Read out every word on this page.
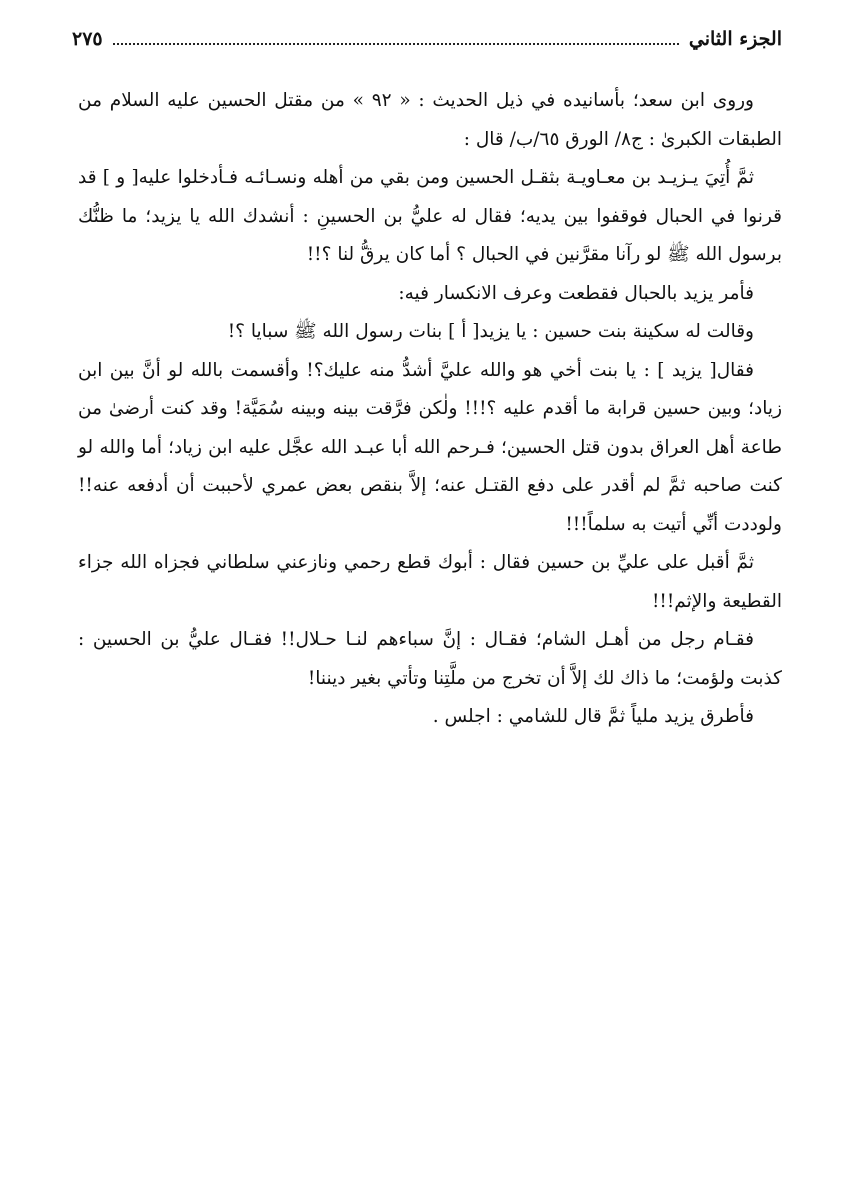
الجزء الثاني
٢٧٥

وروى ابن سعد؛ بأسانيده في ذيل الحديث : « ٩٢ » من مقتل الحسين عليه السلام من الطبقات الكبرىٰ : ج٨/ الورق ٦٥/ب/ قال :

ثمَّ أُتِيَ يـزيـد بن معـاويـة بثقـل الحسين ومن بقي من أهله ونسـائـه فـأدخلوا عليه[ و ] قد قرنوا في الحبال فوقفوا بين يديه؛ فقال له عليُّ بن الحسينِ : أنشدك الله يا يزيد؛ ما ظنُّك برسول الله ﷺ لو رآنا مقرَّنين في الحبال ؟ أما كان يرقُّ لنا ؟!!

فأمر يزيد بالحبال فقطعت وعرف الانكسار فيه:

وقالت له سكينة بنت حسين : يا يزيد[ أ ] بنات رسول الله ﷺ سبايا ؟!

فقال[ يزيد ] : يا بنت أخي هو والله عليَّ أشدُّ منه عليك؟! وأقسمت بالله لو أنَّ بين ابن زياد؛ وبين حسين قرابة ما أقدم عليه ؟!!! ولٰكن فرَّقت بينه وبينه سُمَيَّة! وقد كنت أرضىٰ من طاعة أهل العراق بدون قتل الحسين؛ فـرحم الله أبا عبـد الله عجَّل عليه ابن زياد؛ أما والله لو كنت صاحبه ثمَّ لم أقدر على دفع القتـل عنه؛ إلاَّ بنقص بعض عمري لأحببت أن أدفعه عنه!! ولوددت أنِّي أتيت به سلماً!!!

ثمَّ أقبل على عليِّ بن حسين فقال : أبوك قطع رحمي ونازعني سلطاني فجزاه الله جزاء القطيعة والإثم!!!

فقـام رجل من أهـل الشام؛ فقـال : إنَّ سباءهم لنـا حـلال!! فقـال عليُّ بن الحسين : كذبت ولؤمت؛ ما ذاك لك إلاَّ أن تخرج من ملَّتِنا وتأتي بغير ديننا!

فأطرق يزيد ملياً ثمَّ قال للشامي : اجلس .
